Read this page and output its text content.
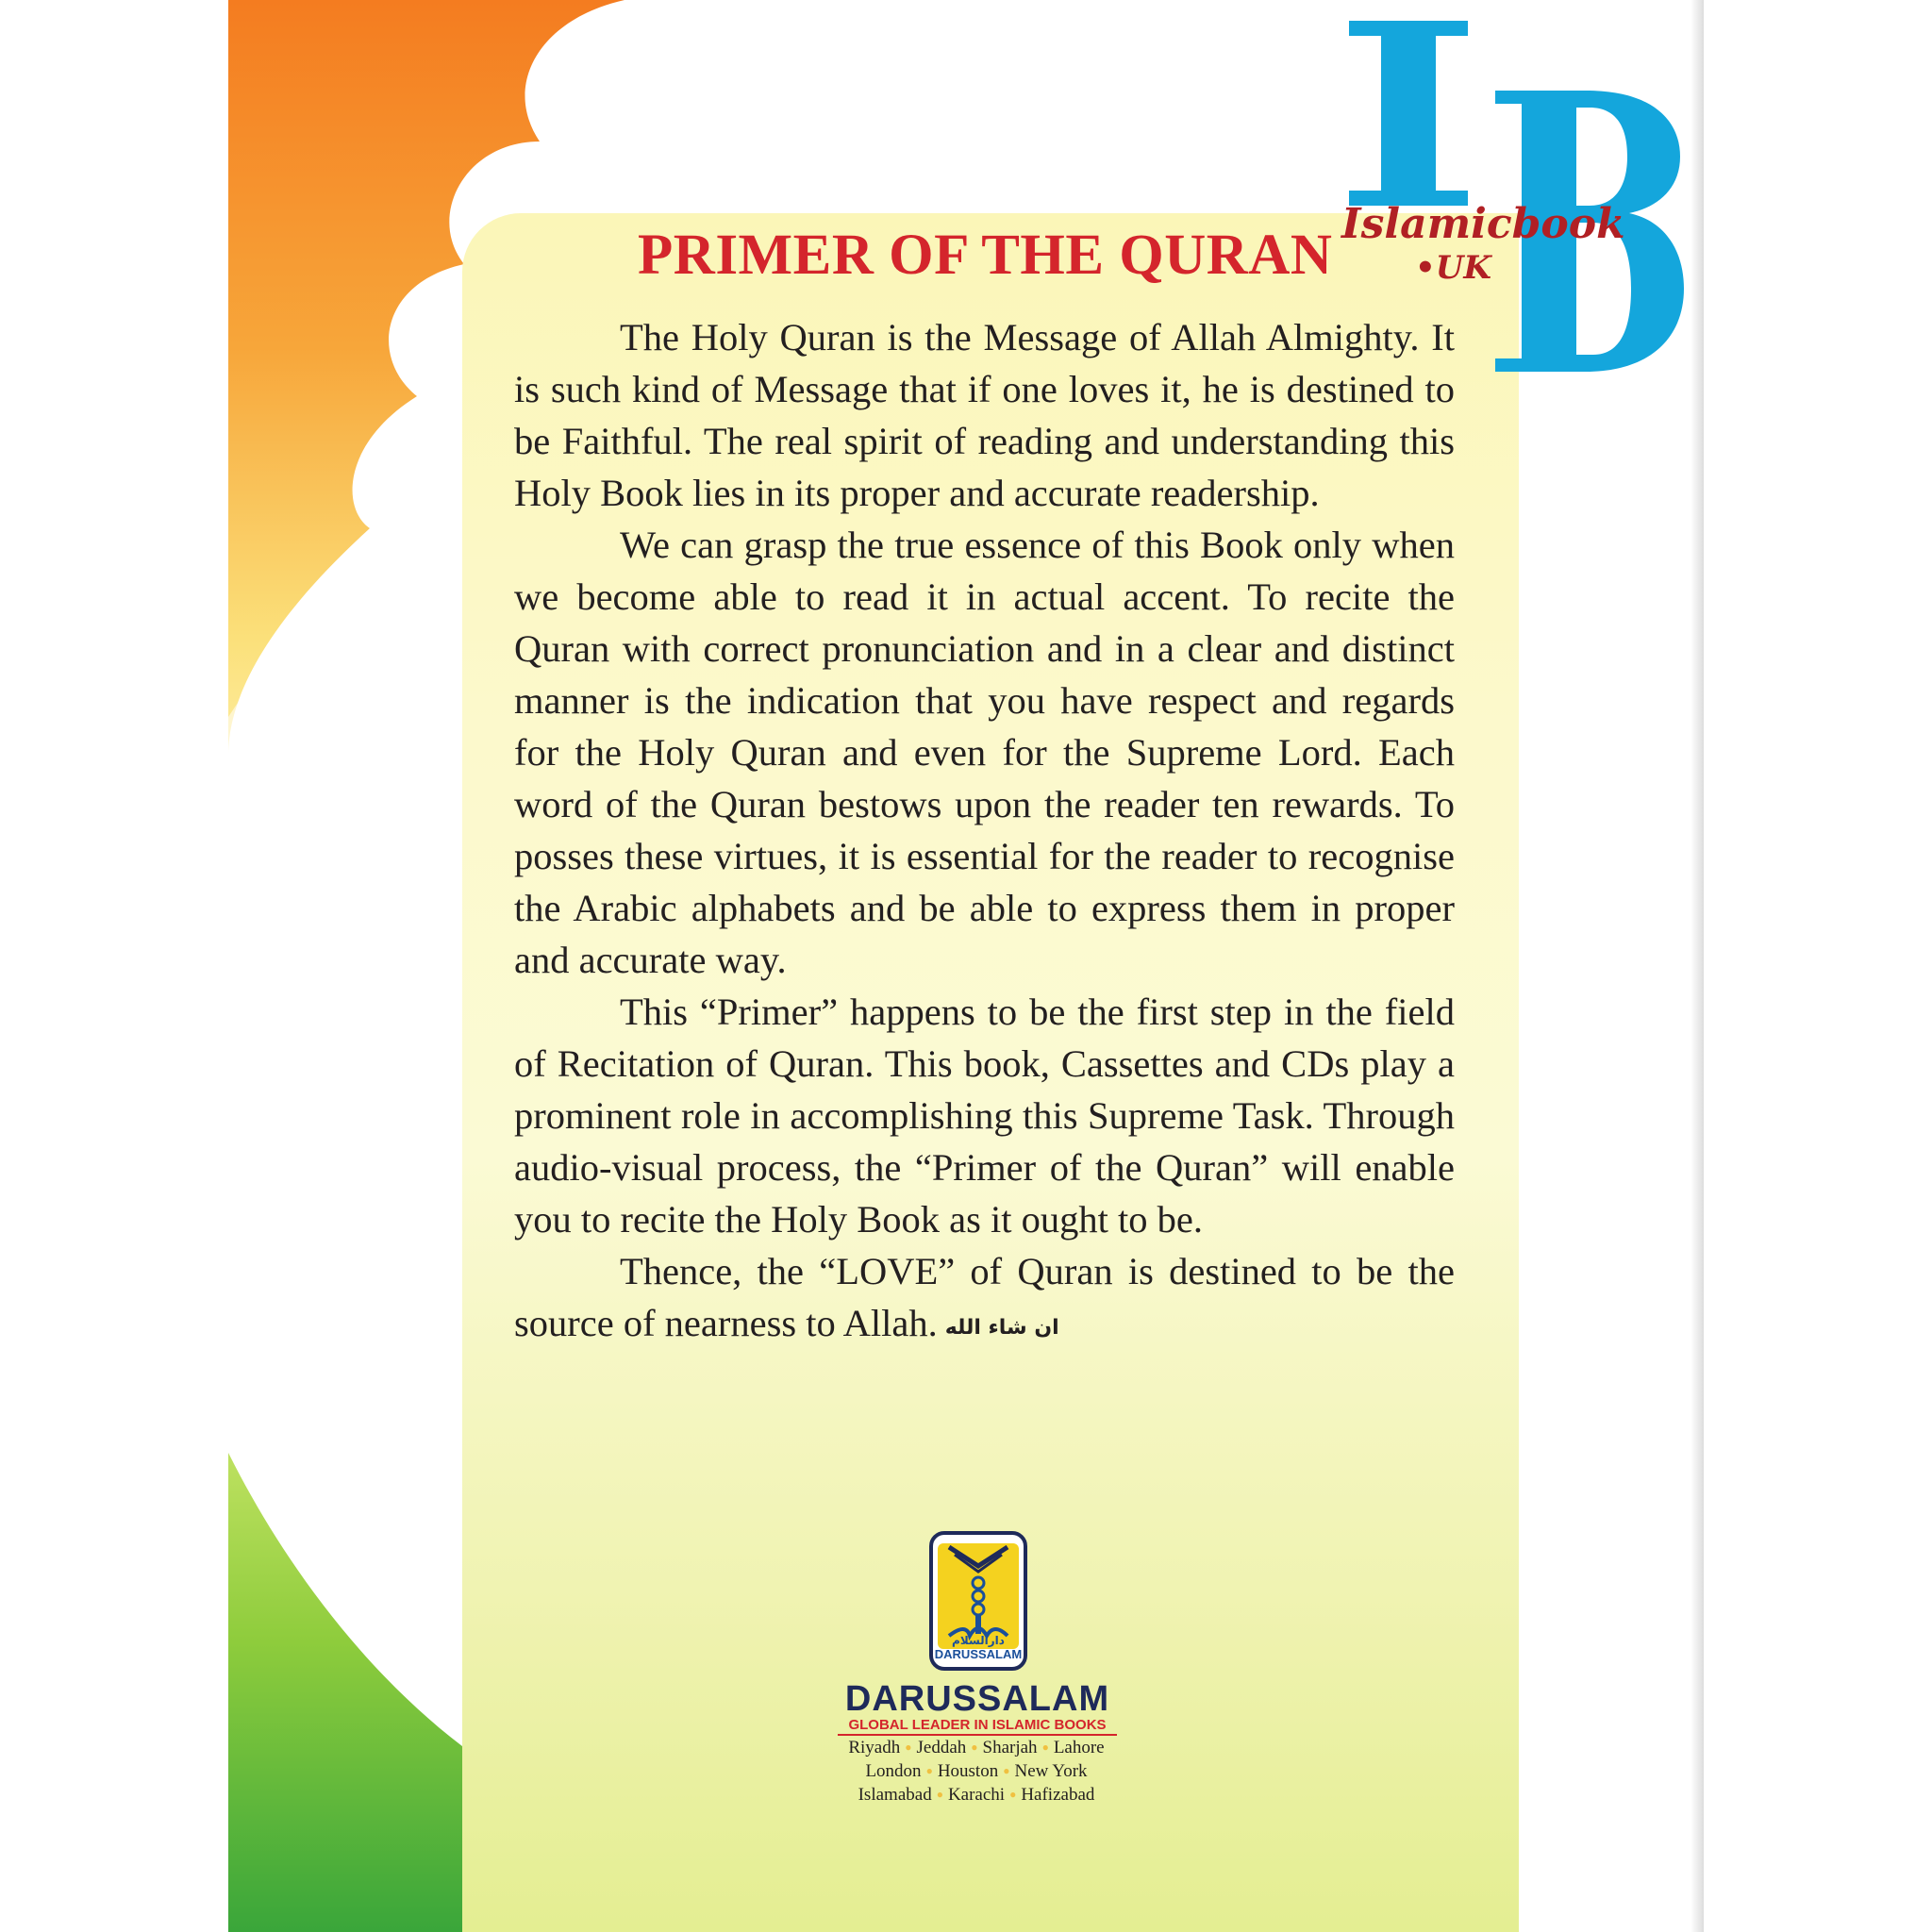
PRIMER OF THE QURAN

The Holy Quran is the Message of Allah Almighty. It is such kind of Message that if one loves it, he is destined to be Faithful. The real spirit of reading and understanding this Holy Book lies in its proper and accurate readership.

We can grasp the true essence of this Book only when we become able to read it in actual accent. To recite the Quran with correct pronunciation and in a clear and distinct manner is the indication that you have respect and regards for the Holy Quran and even for the Supreme Lord. Each word of the Quran bestows upon the reader ten rewards. To posses these virtues, it is essential for the reader to recognise the Arabic alphabets and be able to express them in proper and accurate way.

This “Primer” happens to be the first step in the field of Recitation of Quran. This book, Cassettes and CDs play a prominent role in accomplishing this Supreme Task. Through audio-visual process, the “Primer of the Quran” will enable you to recite the Holy Book as it ought to be.

Thence, the “LOVE” of Quran is destined to be the source of nearness to Allah. ان شاء الله

Islamicbook
•UK
دارالسلام
DARUSSALAM
DARUSSALAM
GLOBAL LEADER IN ISLAMIC BOOKS
Riyadh ● Jeddah ● Sharjah ● Lahore
London ● Houston ● New York
Islamabad ● Karachi ● Hafizabad
